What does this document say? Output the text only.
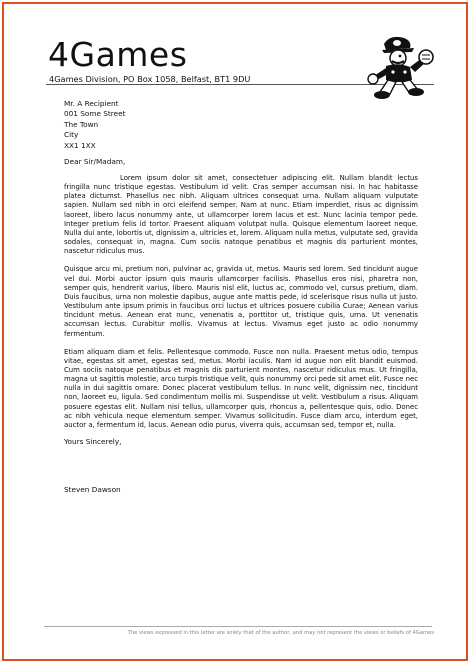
4Games
4Games Division, PO Box 1058, Belfast, BT1 9DU
Mr. A Recipient
001 Some Street
The Town
City
XX1 1XX
Dear Sir/Madam,

Lorem ipsum dolor sit amet, consectetuer adipiscing elit. Nullam blandit lectus fringilla nunc tristique egestas. Vestibulum id velit. Cras semper accumsan nisi. In hac habitasse platea dictumst. Phasellus nec nibh. Aliquam ultrices consequat urna. Nullam aliquam vulputate sapien. Nullam sed nibh in orci eleifend semper. Nam at nunc. Etiam imperdiet, risus ac dignissim laoreet, libero lacus nonummy ante, ut ullamcorper lorem lacus et est. Nunc lacinia tempor pede. Integer pretium felis id tortor. Praesent aliquam volutpat nulla. Quisque elementum laoreet neque. Nulla dui ante, lobortis ut, dignissim a, ultricies et, lorem. Aliquam nulla metus, vulputate sed, gravida sodales, consequat in, magna. Cum sociis natoque penatibus et magnis dis parturient montes, nascetur ridiculus mus.

Quisque arcu mi, pretium non, pulvinar ac, gravida ut, metus. Mauris sed lorem. Sed tincidunt augue vel dui. Morbi auctor ipsum quis mauris ullamcorper facilisis. Phasellus eros nisi, pharetra non, semper quis, hendrerit varius, libero. Mauris nisl elit, luctus ac, commodo vel, cursus pretium, diam. Duis faucibus, urna non molestie dapibus, augue ante mattis pede, id scelerisque risus nulla ut justo. Vestibulum ante ipsum primis in faucibus orci luctus et ultrices posuere cubilia Curae; Aenean varius tincidunt metus. Aenean erat nunc, venenatis a, porttitor ut, tristique quis, urna. Ut venenatis accumsan lectus. Curabitur mollis. Vivamus at lectus. Vivamus eget justo ac odio nonummy fermentum.

Etiam aliquam diam et felis. Pellentesque commodo. Fusce non nulla. Praesent metus odio, tempus vitae, egestas sit amet, egestas sed, metus. Morbi iaculis. Nam id augue non elit blandit euismod. Cum sociis natoque penatibus et magnis dis parturient montes, nascetur ridiculus mus. Ut fringilla, magna ut sagittis molestie, arcu turpis tristique velit, quis nonummy orci pede sit amet elit. Fusce nec nulla in dui sagittis ornare. Donec placerat vestibulum tellus. In nunc velit, dignissim nec, tincidunt non, laoreet eu, ligula. Sed condimentum mollis mi. Suspendisse ut velit. Vestibulum a risus. Aliquam posuere egestas elit. Nullam nisi tellus, ullamcorper quis, rhoncus a, pellentesque quis, odio. Donec ac nibh vehicula neque elementum semper. Vivamus sollicitudin. Fusce diam arcu, interdum eget, auctor a, fermentum id, lacus. Aenean odio purus, viverra quis, accumsan sed, tempor et, nulla.

Yours Sincerely,
Steven Dawson
The views expressed in this letter are solely that of the author, and may not represent the views or beliefs of 4Games
